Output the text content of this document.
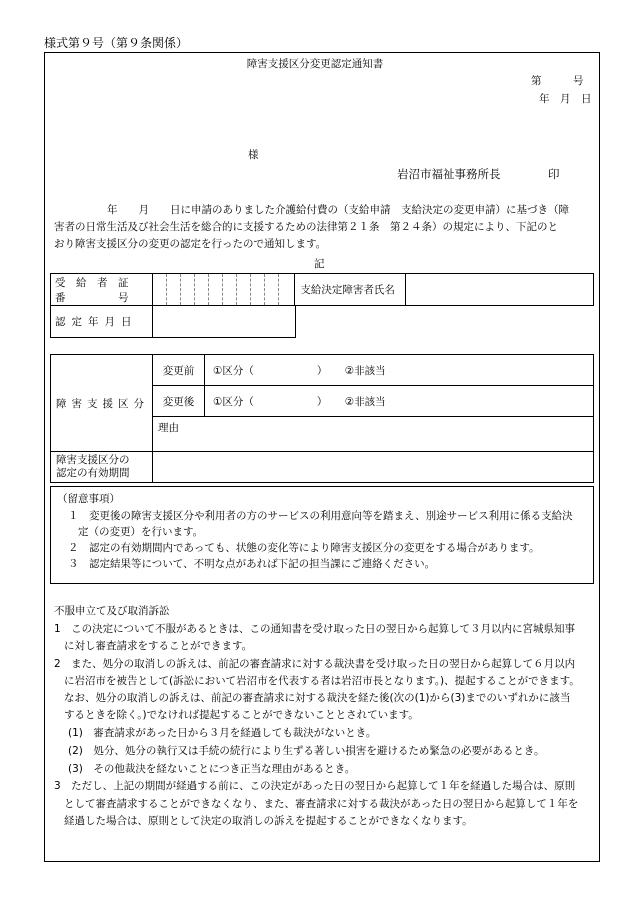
様式第９号（第９条関係）
障害支援区分変更認定通知書
第　　　号
年　月　日
様
岩沼市福祉事務所長	印
年　　月　　日に申請のありました介護給付費の（支給申請　支給決定の変更申請）に基づき（障
害者の日常生活及び社会生活を総合的に支援するための法律第２１条　第２４条）の規定により、下記のと
おり障害支援区分の変更の認定を行ったので通知します。
記
受　給　者　証
番　　　　　号
											支給決定障害者氏名	
認定年月日

障害支援区分	変更前	①区分（　　　　　　） ②非該当
	変更後	①区分（　　　　　　） ②非該当
	理由	

障害支援区分の
認定の有効期間		

（留意事項）
１　変更後の障害支援区分や利用者の方のサービスの利用意向等を踏まえ、別途サービス利用に係る支給決
定（の変更）を行います。
２　認定の有効期間内であっても、状態の変化等により障害支援区分の変更をする場合があります。
３　認定結果等について、不明な点があれば下記の担当課にご連絡ください。
不服申立て及び取消訴訟
1　この決定について不服があるときは、この通知書を受け取った日の翌日から起算して３月以内に宮城県知事
に対し審査請求をすることができます。
2　また、処分の取消しの訴えは、前記の審査請求に対する裁決書を受け取った日の翌日から起算して６月以内
に岩沼市を被告として(訴訟において岩沼市を代表する者は岩沼市長となります。)、提起することができます。
なお、処分の取消しの訴えは、前記の審査請求に対する裁決を経た後(次の(1)から(3)までのいずれかに該当
するときを除く。)でなければ提起することができないこととされています。
(1)　審査請求があった日から３月を経過しても裁決がないとき。
(2)　処分、処分の執行又は手続の続行により生ずる著しい損害を避けるため緊急の必要があるとき。
(3)　その他裁決を経ないことにつき正当な理由があるとき。
3　ただし、上記の期間が経過する前に、この決定があった日の翌日から起算して１年を経過した場合は、原則
として審査請求することができなくなり、また、審査請求に対する裁決があった日の翌日から起算して１年を
経過した場合は、原則として決定の取消しの訴えを提起することができなくなります。
